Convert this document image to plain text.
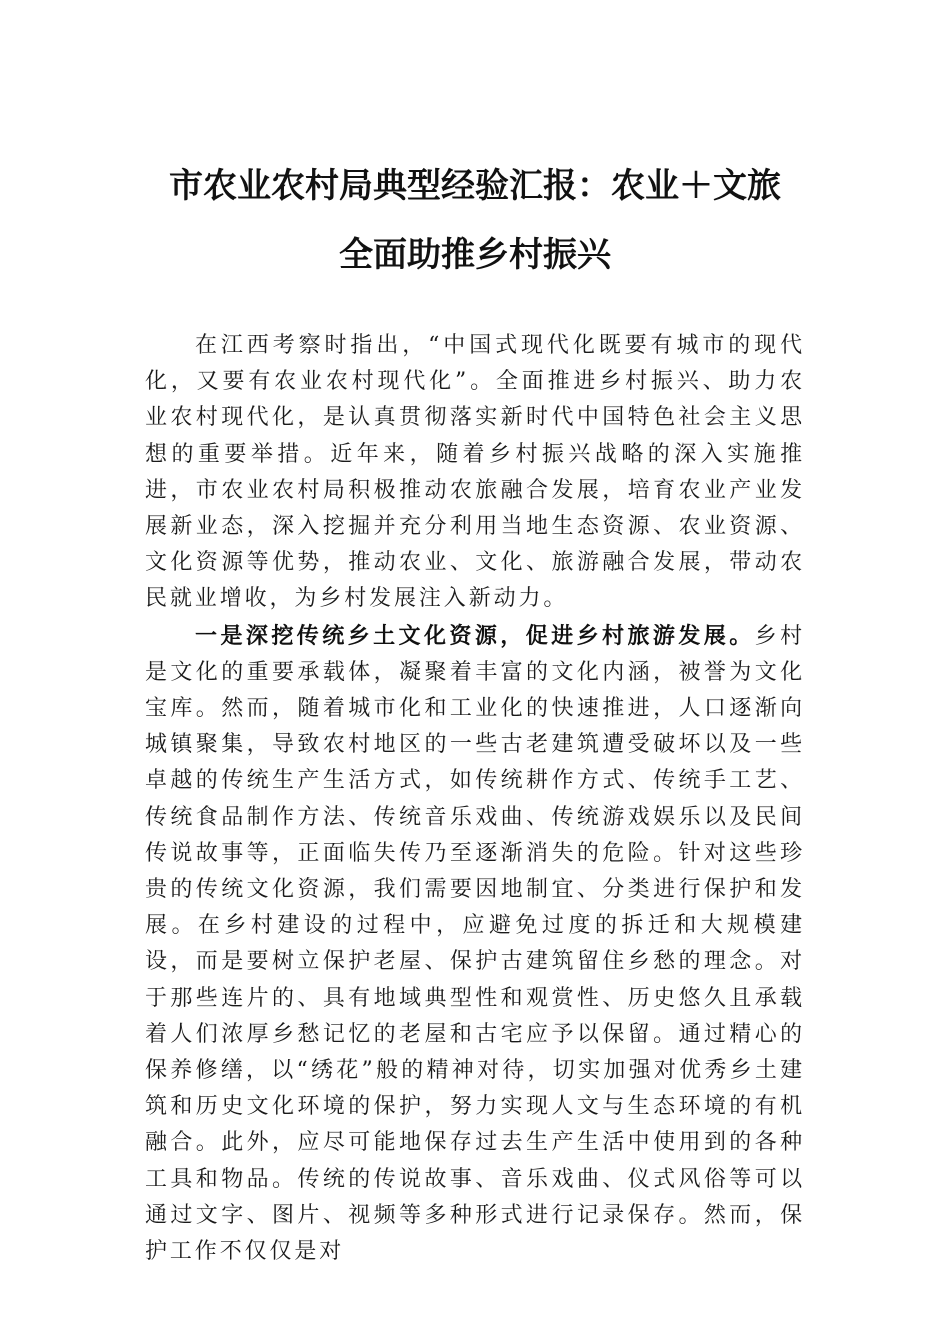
市农业农村局典型经验汇报：农业＋文旅
全面助推乡村振兴

在江西考察时指出，“中国式现代化既要有城市的现代化，又要有农业农村现代化”。全面推进乡村振兴、助力农业农村现代化，是认真贯彻落实新时代中国特色社会主义思想的重要举措。近年来，随着乡村振兴战略的深入实施推进，市农业农村局积极推动农旅融合发展，培育农业产业发展新业态，深入挖掘并充分利用当地生态资源、农业资源、文化资源等优势，推动农业、文化、旅游融合发展，带动农民就业增收，为乡村发展注入新动力。

一是深挖传统乡土文化资源，促进乡村旅游发展。乡村是文化的重要承载体，凝聚着丰富的文化内涵，被誉为文化宝库。然而，随着城市化和工业化的快速推进，人口逐渐向城镇聚集，导致农村地区的一些古老建筑遭受破坏以及一些卓越的传统生产生活方式，如传统耕作方式、传统手工艺、传统食品制作方法、传统音乐戏曲、传统游戏娱乐以及民间传说故事等，正面临失传乃至逐渐消失的危险。针对这些珍贵的传统文化资源，我们需要因地制宜、分类进行保护和发展。在乡村建设的过程中，应避免过度的拆迁和大规模建设，而是要树立保护老屋、保护古建筑留住乡愁的理念。对于那些连片的、具有地域典型性和观赏性、历史悠久且承载着人们浓厚乡愁记忆的老屋和古宅应予以保留。通过精心的保养修缮，以“绣花”般的精神对待，切实加强对优秀乡土建筑和历史文化环境的保护，努力实现人文与生态环境的有机融合。此外，应尽可能地保存过去生产生活中使用到的各种工具和物品。传统的传说故事、音乐戏曲、仪式风俗等可以通过文字、图片、视频等多种形式进行记录保存。然而，保护工作不仅仅是对
